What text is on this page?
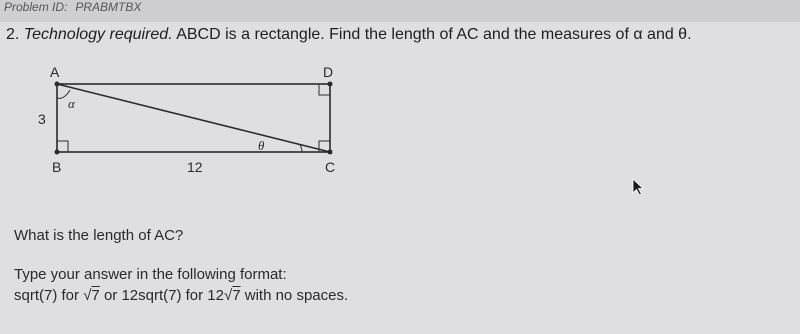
Problem ID: PRABMTBX
2. Technology required. ABCD is a rectangle. Find the length of AC and the measures of α and θ.
A	D
B	C
3
12
α
θ
What is the length of AC?
Type your answer in the following format:
sqrt(7) for √7 or 12sqrt(7) for 12√7 with no spaces.
